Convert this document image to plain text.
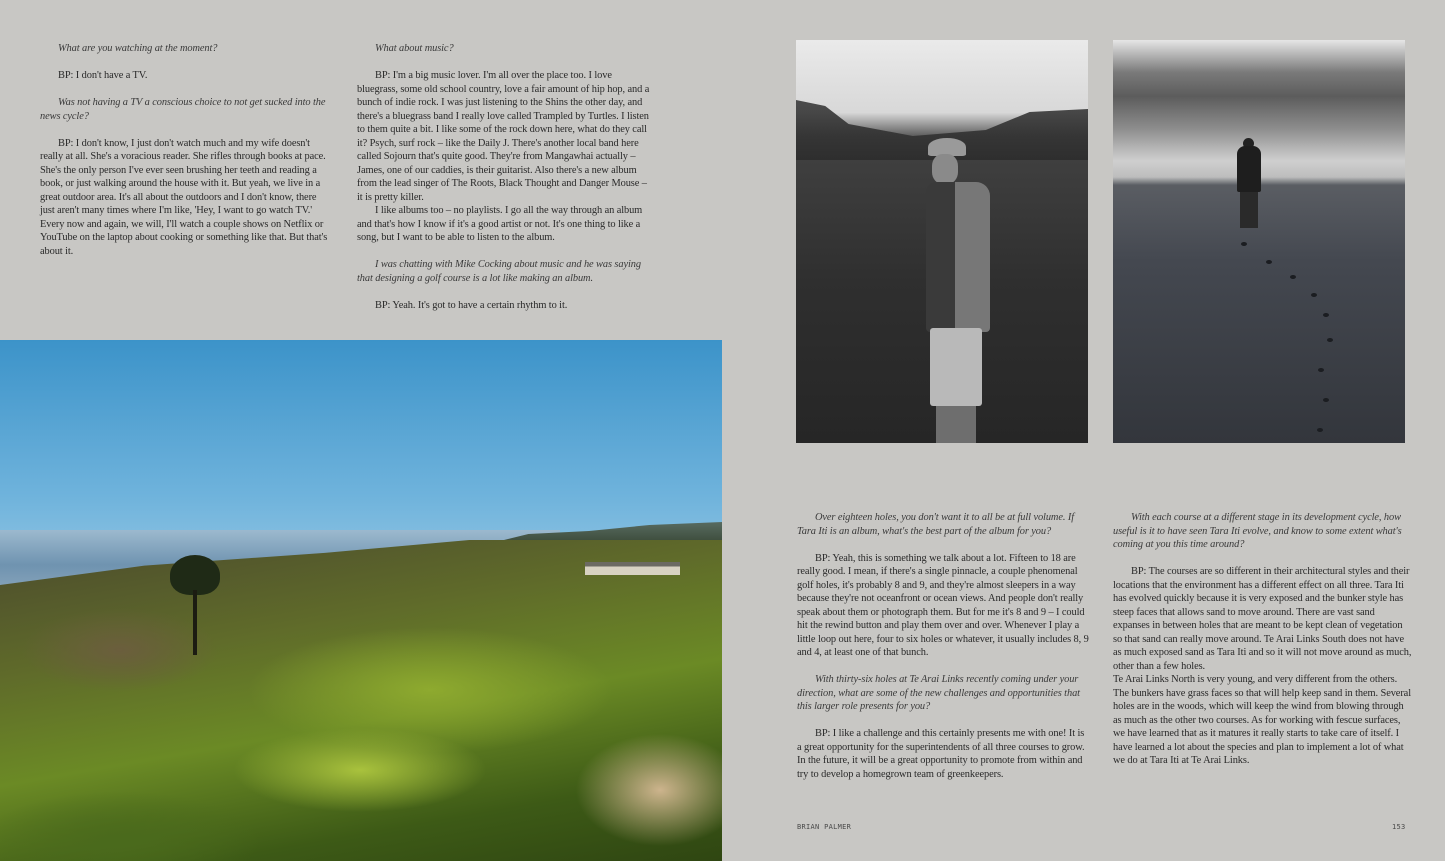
What are you watching at the moment?

BP: I don't have a TV.

Was not having a TV a conscious choice to not get sucked into the news cycle?

BP: I don't know, I just don't watch much and my wife doesn't really at all. She's a voracious reader. She rifles through books at pace. She's the only person I've ever seen brushing her teeth and reading a book, or just walking around the house with it. But yeah, we live in a great outdoor area. It's all about the outdoors and I don't know, there just aren't many times where I'm like, 'Hey, I want to go watch TV.' Every now and again, we will, I'll watch a couple shows on Netflix or YouTube on the laptop about cooking or something like that. But that's about it.

What about music?

BP: I'm a big music lover. I'm all over the place too. I love bluegrass, some old school country, love a fair amount of hip hop, and a bunch of indie rock. I was just listening to the Shins the other day, and there's a bluegrass band I really love called Trampled by Turtles. I listen to them quite a bit. I like some of the rock down here, what do they call it? Psych, surf rock – like the Daily J. There's another local band here called Sojourn that's quite good. They're from Mangawhai actually – James, one of our caddies, is their guitarist. Also there's a new album from the lead singer of The Roots, Black Thought and Danger Mouse – it is pretty killer.

I like albums too – no playlists. I go all the way through an album and that's how I know if it's a good artist or not. It's one thing to like a song, but I want to be able to listen to the album.

I was chatting with Mike Cocking about music and he was saying that designing a golf course is a lot like making an album.

BP: Yeah. It's got to have a certain rhythm to it.

Over eighteen holes, you don't want it to all be at full volume. If Tara Iti is an album, what's the best part of the album for you?

BP: Yeah, this is something we talk about a lot. Fifteen to 18 are really good. I mean, if there's a single pinnacle, a couple phenomenal golf holes, it's probably 8 and 9, and they're almost sleepers in a way because they're not oceanfront or ocean views. And people don't really speak about them or photograph them. But for me it's 8 and 9 – I could hit the rewind button and play them over and over. Whenever I play a little loop out here, four to six holes or whatever, it usually includes 8, 9 and 4, at least one of that bunch.

With thirty-six holes at Te Arai Links recently coming under your direction, what are some of the new challenges and opportunities that this larger role presents for you?

BP: I like a challenge and this certainly presents me with one! It is a great opportunity for the superintendents of all three courses to grow. In the future, it will be a great opportunity to promote from within and try to develop a homegrown team of greenkeepers.

With each course at a different stage in its development cycle, how useful is it to have seen Tara Iti evolve, and know to some extent what's coming at you this time around?

BP: The courses are so different in their architectural styles and their locations that the environment has a different effect on all three. Tara Iti has evolved quickly because it is very exposed and the bunker style has steep faces that allows sand to move around. There are vast sand expanses in between holes that are meant to be kept clean of vegetation so that sand can really move around. Te Arai Links South does not have as much exposed sand as Tara Iti and so it will not move around as much, other than a few holes.

Te Arai Links North is very young, and very different from the others. The bunkers have grass faces so that will help keep sand in them. Several holes are in the woods, which will keep the wind from blowing through as much as the other two courses. As for working with fescue surfaces, we have learned that as it matures it really starts to take care of itself. I have learned a lot about the species and plan to implement a lot of what we do at Tara Iti at Te Arai Links.

BRIAN PALMER	153
